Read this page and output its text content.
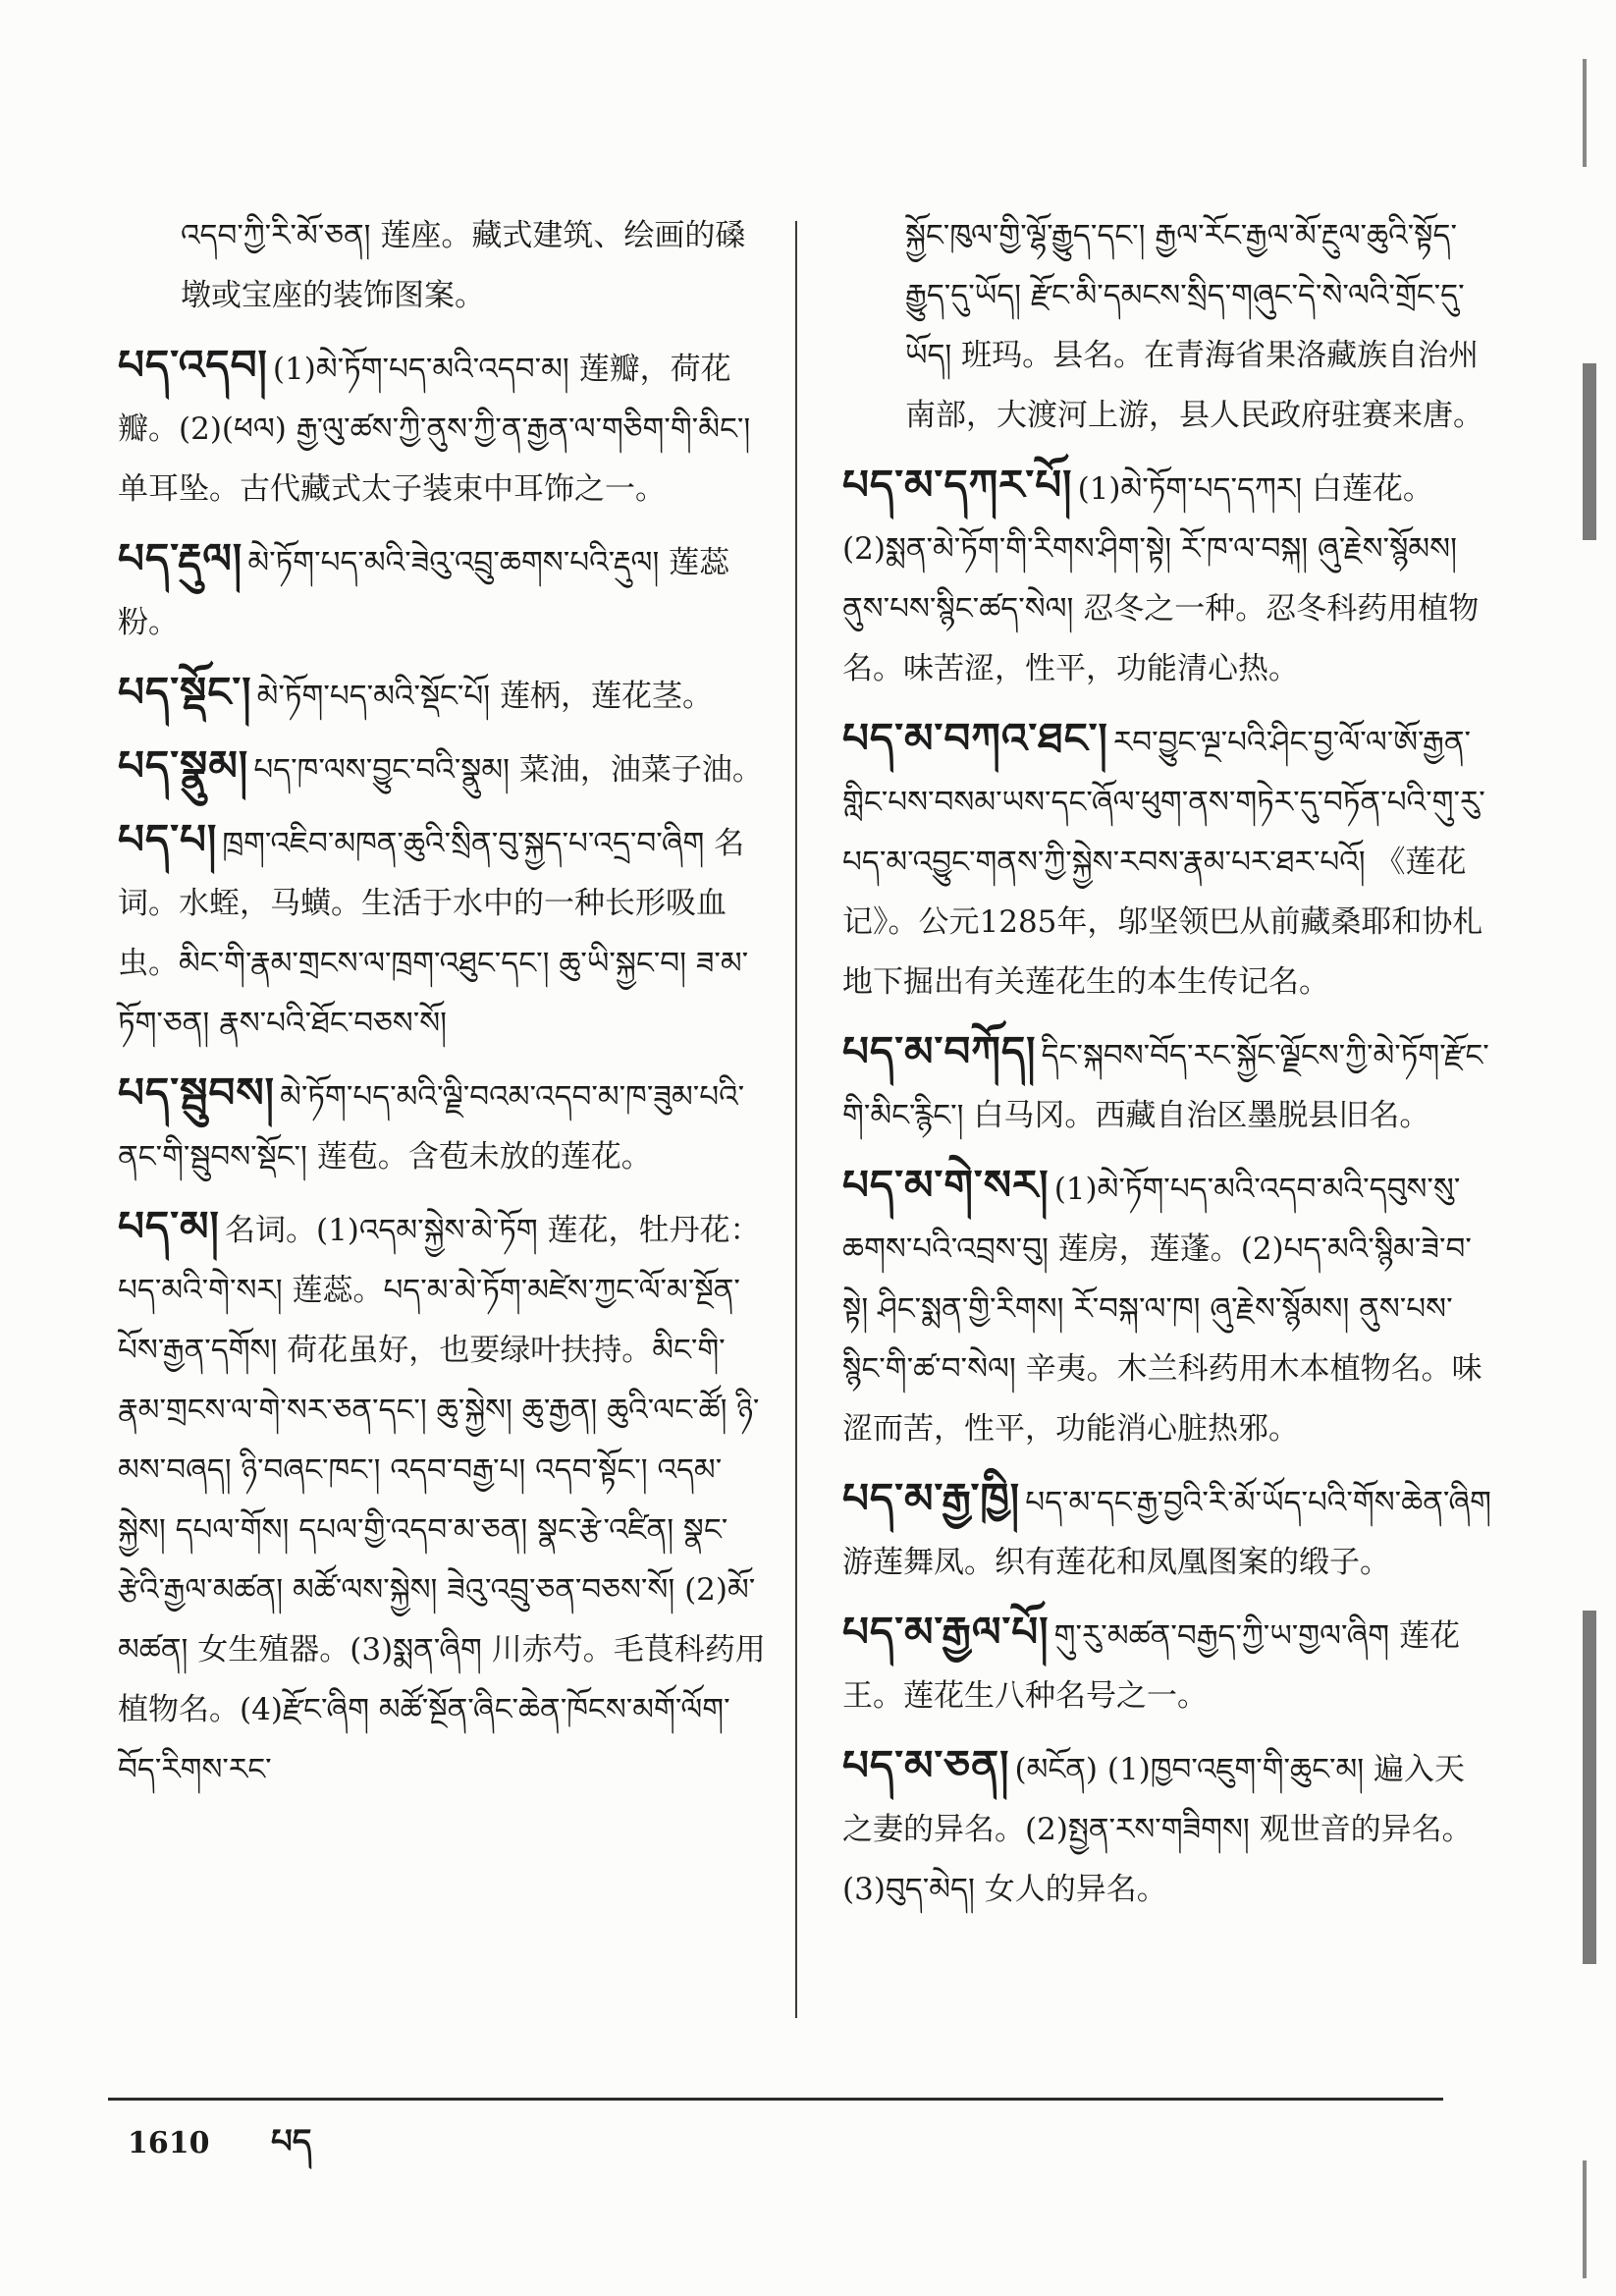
འདབ་ཀྱི་རི་མོ་ཅན། 莲座。藏式建筑、绘画的磉墩或宝座的装饰图案。
པད་འདབ། (1)མེ་ཏོག་པད་མའི་འདབ་མ། 莲瓣，荷花瓣。(2)(ཕལ) རྒྱ་ལུ་ཚས་ཀྱི་ནུས་ཀྱི་ན་རྒྱན་ལ་གཅིག་གི་མིང་། 单耳坠。古代藏式太子装束中耳饰之一。
པད་རྡུལ། མེ་ཏོག་པད་མའི་ཟེའུ་འབྲུ་ཆགས་པའི་རྡུལ། 莲蕊粉。
པད་སྡོང་། མེ་ཏོག་པད་མའི་སྡོང་པོ། 莲柄，莲花茎。
པད་སྣུམ། པད་ཁ་ལས་བྱུང་བའི་སྣུམ། 菜油，油菜子油。
པད་པ། ཁྲག་འཇིབ་མཁན་ཆུའི་སྲིན་བུ་སྐྱད་པ་འདྲ་བ་ཞིག 名词。水蛭，马蟥。生活于水中的一种长形吸血虫。མིང་གི་རྣམ་གྲངས་ལ་ཁྲག་འཐུང་དང་། ཆུ་ཡི་སྐྱང་བ། ཟ་མ་ཏོག་ཅན། རྣས་པའི་ཐོང་བཅས་སོ།
པད་སྦུབས། མེ་ཏོག་པད་མའི་ལྗི་བའམ་འདབ་མ་ཁ་ཟུམ་པའི་ནང་གི་སྦུབས་སྡོང་། 莲苞。含苞未放的莲花。
པད་མ། 名词。(1)འདམ་སྐྱེས་མེ་ཏོག 莲花，牡丹花：པད་མའི་གེ་སར། 莲蕊。པད་མ་མེ་ཏོག་མཛེས་ཀྱང་ལོ་མ་སྔོན་པོས་རྒྱན་དགོས། 荷花虽好，也要绿叶扶持。མིང་གི་རྣམ་གྲངས་ལ་གེ་སར་ཅན་དང་། ཆུ་སྐྱེས། ཆུ་རྒྱན། ཆུའི་ལང་ཚོ། ཉི་མས་བཞད། ཉི་བཞང་ཁང་། འདབ་བརྒྱ་པ། འདབ་སྟོང་། འདམ་སྐྱེས། དཔལ་གོས། དཔལ་གྱི་འདབ་མ་ཅན། སྣང་རྩེ་འཛིན། སྣང་རྩེའི་རྒྱལ་མཚན། མཚོ་ལས་སྐྱེས། ཟེའུ་འབྲུ་ཅན་བཅས་སོ། (2)མོ་མཚན། 女生殖器。(3)སྨན་ཞིག 川赤芍。毛茛科药用植物名。(4)རྫོང་ཞིག མཚོ་སྔོན་ཞིང་ཆེན་ཁོངས་མགོ་ལོག་བོད་རིགས་རང་
སྐྱོང་ཁུལ་གྱི་ལྷོ་རྒྱུད་དང་། རྒྱལ་རོང་རྒྱལ་མོ་རྔུལ་ཆུའི་སྟོད་རྒྱུད་དུ་ཡོད། རྫོང་མི་དམངས་སྲིད་གཞུང་དེ་སེ་ལའི་གྲོང་དུ་ཡོད། 班玛。县名。在青海省果洛藏族自治州南部，大渡河上游，县人民政府驻赛来唐。
པད་མ་དཀར་པོ། (1)མེ་ཏོག་པད་དཀར། 白莲花。(2)སྨན་མེ་ཏོག་གི་རིགས་ཤིག་སྟེ། རོ་ཁ་ལ་བསྐ། ཞུ་རྗེས་སྙོམས། ནུས་པས་སྙིང་ཚད་སེལ། 忍冬之一种。忍冬科药用植物名。味苦涩，性平，功能清心热。
པད་མ་བཀའ་ཐང་། རབ་བྱུང་ལྔ་པའི་ཤིང་བྱ་ལོ་ལ་ཨོ་རྒྱན་གླིང་པས་བསམ་ཡས་དང་ཞོལ་ཕུག་ནས་གཏེར་དུ་བཏོན་པའི་གུ་རུ་པད་མ་འབྱུང་གནས་ཀྱི་སྐྱེས་རབས་རྣམ་པར་ཐར་པའོ། 《莲花记》。公元1285年，邬坚领巴从前藏桑耶和协札地下掘出有关莲花生的本生传记名。
པད་མ་བཀོད། དིང་སྐབས་བོད་རང་སྐྱོང་ལྗོངས་ཀྱི་མེ་ཏོག་རྫོང་གི་མིང་རྙིང་། 白马冈。西藏自治区墨脱县旧名。
པད་མ་གེ་སར། (1)མེ་ཏོག་པད་མའི་འདབ་མའི་དབུས་སུ་ཆགས་པའི་འབྲས་བུ། 莲房，莲蓬。(2)པད་མའི་སྙིམ་ཟེ་བ་སྟེ། ཤིང་སྨན་གྱི་རིགས། རོ་བསྐ་ལ་ཁ། ཞུ་རྗེས་སྙོམས། ནུས་པས་སྙིང་གི་ཚ་བ་སེལ། 辛夷。木兰科药用木本植物名。味涩而苦，性平，功能消心脏热邪。
པད་མ་རྒྱ་ཁྱི། པད་མ་དང་རྒྱ་བྱའི་རི་མོ་ཡོད་པའི་གོས་ཆེན་ཞིག 游莲舞凤。织有莲花和凤凰图案的缎子。
པད་མ་རྒྱལ་པོ། གུ་རུ་མཚན་བརྒྱད་ཀྱི་ཡ་གྱལ་ཞིག 莲花王。莲花生八种名号之一。
པད་མ་ཅན། (མངོན) (1)ཁྱབ་འཇུག་གི་ཆུང་མ། 遍入天之妻的异名。(2)སྤྱན་རས་གཟིགས། 观世音的异名。(3)བུད་མེད། 女人的异名。
1610 པད
